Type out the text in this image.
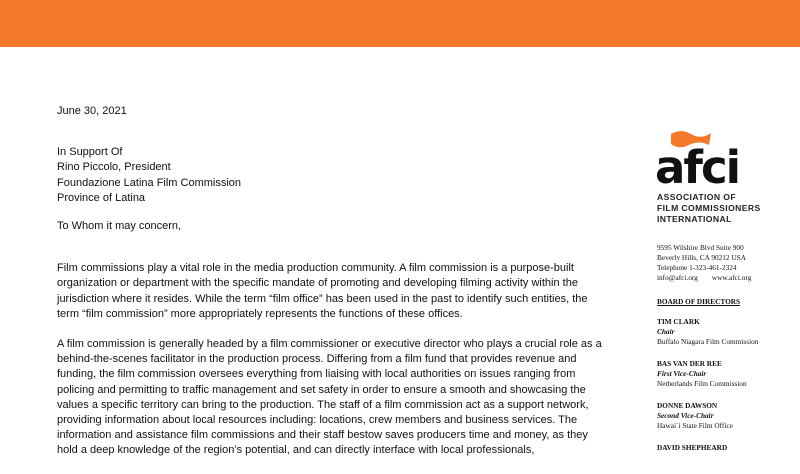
June 30, 2021
In Support Of
Rino Piccolo, President
Foundazione Latina Film Commission
Province of Latina
To Whom it may concern,

Film commissions play a vital role in the media production community. A film commission is a purpose-built
organization or department with the specific mandate of promoting and developing filming activity within the
jurisdiction where it resides. While the term “film office” has been used in the past to identify such entities, the
term “film commission” more appropriately represents the functions of these offices.

A film commission is generally headed by a film commissioner or executive director who plays a crucial role as a
behind-the-scenes facilitator in the production process. Differing from a film fund that provides revenue and
funding, the film commission oversees everything from liaising with local authorities on issues ranging from
policing and permitting to traffic management and set safety in order to ensure a smooth and showcasing the
values a specific territory can bring to the production. The staff of a film commission act as a support network,
providing information about local resources including: locations, crew members and business services. The
information and assistance film commissions and their staff bestow saves producers time and money, as they
hold a deep knowledge of the region’s potential, and can directly interface with local professionals,

afci
ASSOCIATION OF
FILM COMMISSIONERS
INTERNATIONAL
9595 Wilshire Blvd Suite 900
Beverly Hills, CA 90212 USA
Telephone 1-323-461-2324
info@afci.org www.afci.org
BOARD OF DIRECTORS
TIM CLARK
Chair
Buffalo Niagara Film Commission
BAS VAN DER REE
First Vice-Chair
Netherlands Film Commission
DONNE DAWSON
Second Vice-Chair
Hawai`i State Film Office
DAVID SHEPHEARD
